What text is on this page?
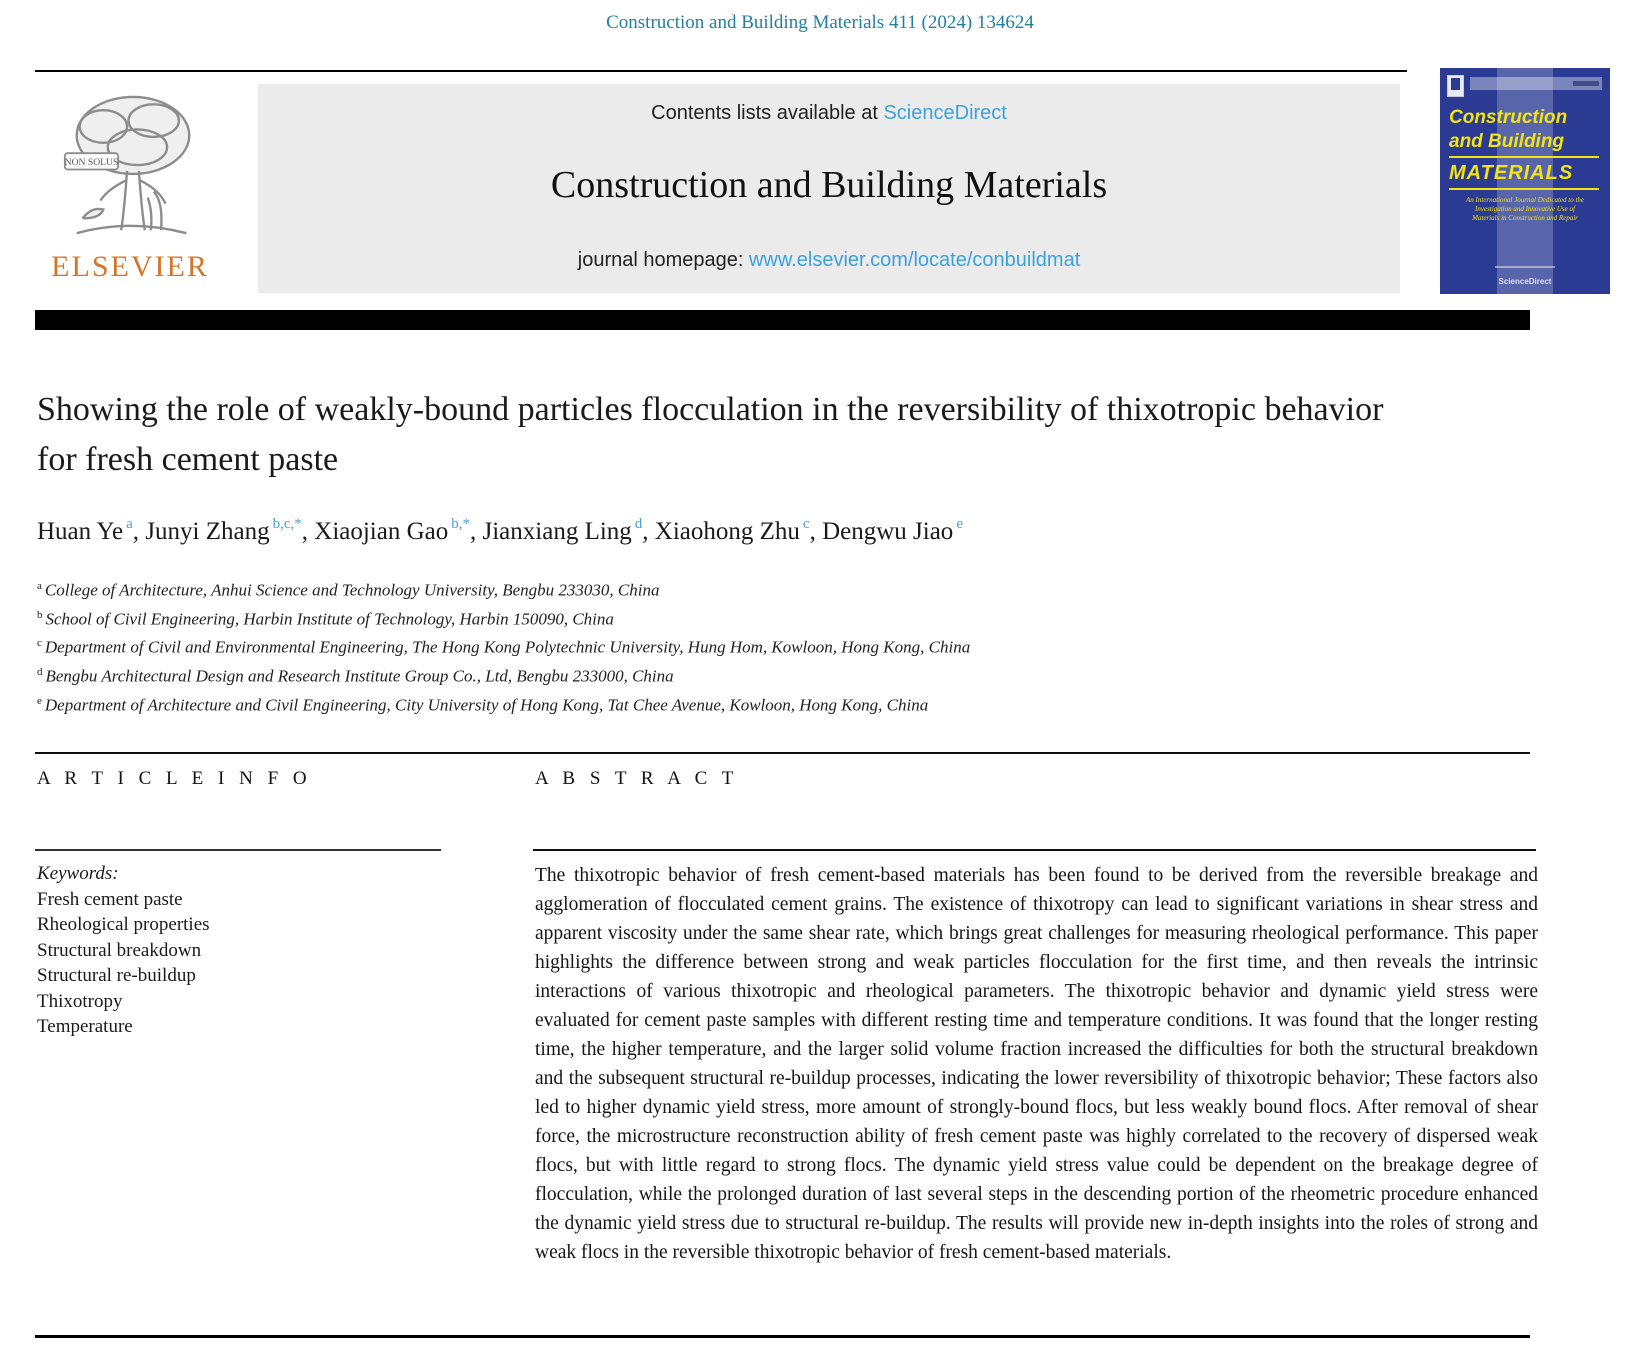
Construction and Building Materials 411 (2024) 134624
NON SOLUS
ELSEVIER
Contents lists available at ScienceDirect
Construction and Building Materials
journal homepage: www.elsevier.com/locate/conbuildmat
Construction
and Building
MATERIALS
An International Journal Dedicated to the Investigation and Innovative Use of Materials in Construction and Repair
ScienceDirect
Showing the role of weakly-bound particles flocculation in the reversibility of thixotropic behavior for fresh cement paste
Huan Ye $^a$, Junyi Zhang $^{b,c,*}$, Xiaojian Gao $^{b,*}$, Jianxiang Ling $^d$, Xiaohong Zhu $^c$, Dengwu Jiao $^e$
$^a$ College of Architecture, Anhui Science and Technology University, Bengbu 233030, China
$^b$ School of Civil Engineering, Harbin Institute of Technology, Harbin 150090, China
$^c$ Department of Civil and Environmental Engineering, The Hong Kong Polytechnic University, Hung Hom, Kowloon, Hong Kong, China
$^d$ Bengbu Architectural Design and Research Institute Group Co., Ltd, Bengbu 233000, China
$^e$ Department of Architecture and Civil Engineering, City University of Hong Kong, Tat Chee Avenue, Kowloon, Hong Kong, China
A R T I C L E I N F O	A B S T R A C T
Keywords:
Fresh cement paste
Rheological properties
Structural breakdown
Structural re-buildup
Thixotropy
Temperature
The thixotropic behavior of fresh cement-based materials has been found to be derived from the reversible breakage and agglomeration of flocculated cement grains. The existence of thixotropy can lead to significant variations in shear stress and apparent viscosity under the same shear rate, which brings great challenges for measuring rheological performance. This paper highlights the difference between strong and weak particles flocculation for the first time, and then reveals the intrinsic interactions of various thixotropic and rheological parameters. The thixotropic behavior and dynamic yield stress were evaluated for cement paste samples with different resting time and temperature conditions. It was found that the longer resting time, the higher temperature, and the larger solid volume fraction increased the difficulties for both the structural breakdown and the subsequent structural re-buildup processes, indicating the lower reversibility of thixotropic behavior; These factors also led to higher dynamic yield stress, more amount of strongly-bound flocs, but less weakly bound flocs. After removal of shear force, the microstructure reconstruction ability of fresh cement paste was highly correlated to the recovery of dispersed weak flocs, but with little regard to strong flocs. The dynamic yield stress value could be dependent on the breakage degree of flocculation, while the prolonged duration of last several steps in the descending portion of the rheometric procedure enhanced the dynamic yield stress due to structural re-buildup. The results will provide new in-depth insights into the roles of strong and weak flocs in the reversible thixotropic behavior of fresh cement-based materials.
